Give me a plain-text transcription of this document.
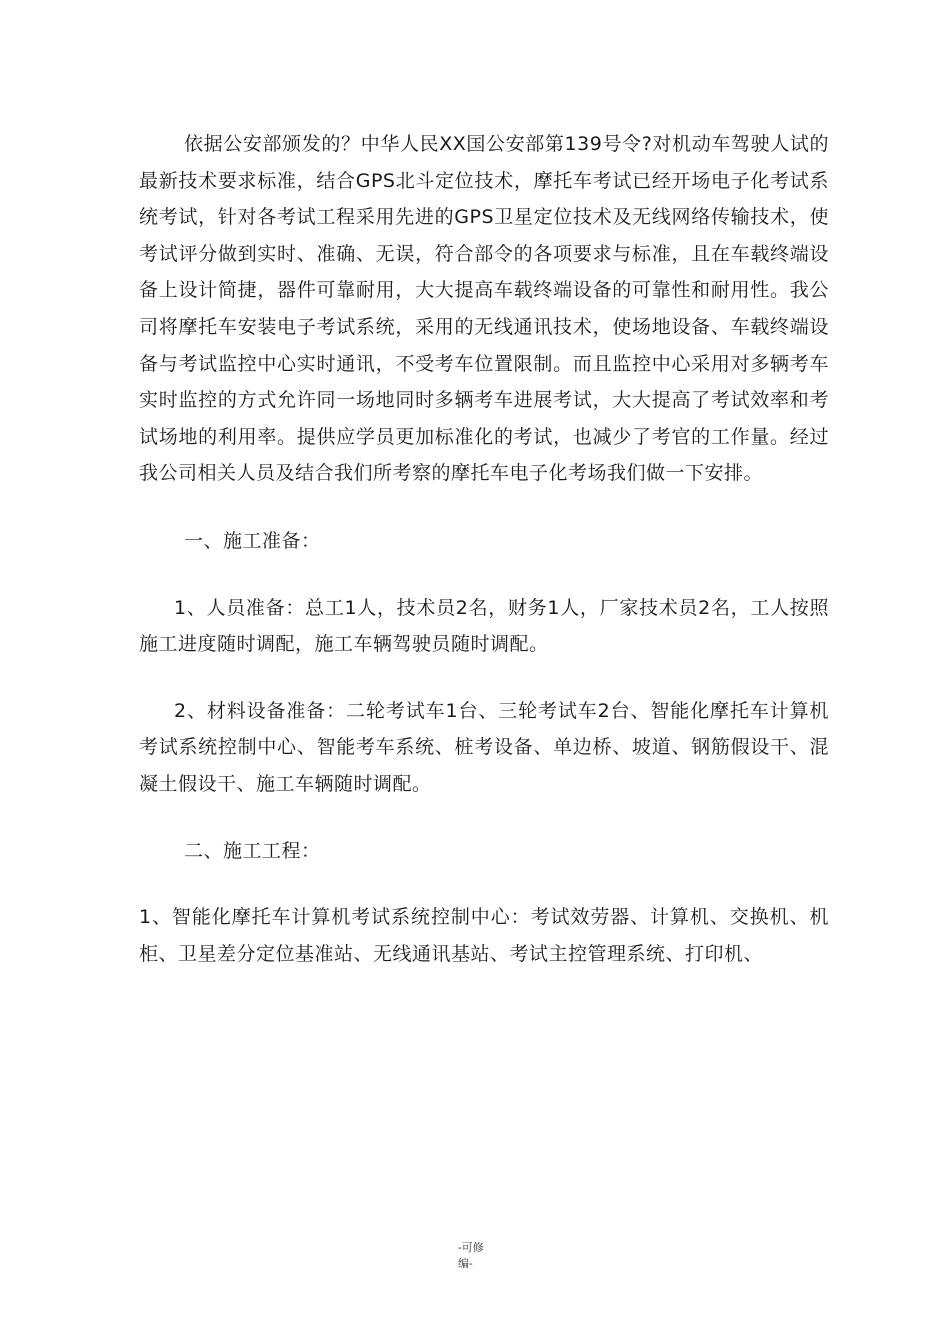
依据公安部颁发的？中华人民XX国公安部第139号令?对机动车驾驶人试的最新技术要求标准，结合GPS北斗定位技术，摩托车考试已经开场电子化考试系统考试，针对各考试工程采用先进的GPS卫星定位技术及无线网络传输技术，使考试评分做到实时、准确、无误，符合部令的各项要求与标准，且在车载终端设备上设计简捷，器件可靠耐用，大大提高车载终端设备的可靠性和耐用性。我公司将摩托车安装电子考试系统，采用的无线通讯技术，使场地设备、车载终端设备与考试监控中心实时通讯，不受考车位置限制。而且监控中心采用对多辆考车实时监控的方式允许同一场地同时多辆考车进展考试，大大提高了考试效率和考试场地的利用率。提供应学员更加标准化的考试，也减少了考官的工作量。经过我公司相关人员及结合我们所考察的摩托车电子化考场我们做一下安排。

一、施工准备：

1、人员准备：总工1人，技术员2名，财务1人，厂家技术员2名，工人按照施工进度随时调配，施工车辆驾驶员随时调配。

2、材料设备准备：二轮考试车1台、三轮考试车2台、智能化摩托车计算机考试系统控制中心、智能考车系统、桩考设备、单边桥、坡道、钢筋假设干、混凝土假设干、施工车辆随时调配。

二、施工工程：

1、智能化摩托车计算机考试系统控制中心：考试效劳器、计算机、交换机、机柜、卫星差分定位基准站、无线通讯基站、考试主控管理系统、打印机、

-可修
编-
